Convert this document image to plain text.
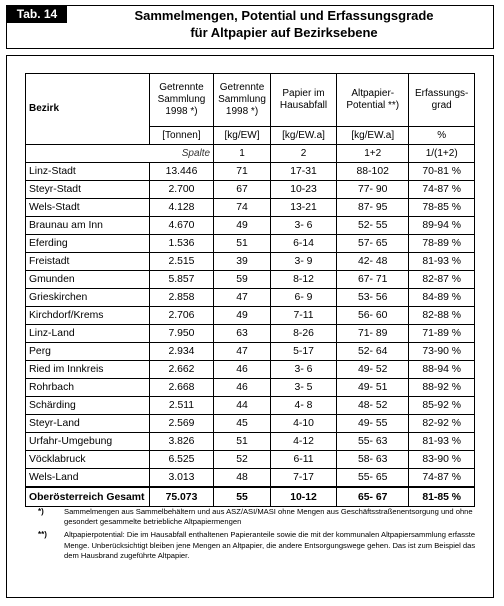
Tab. 14	Sammelmengen, Potential und Erfassungsgrade
für Altpapier auf Bezirksebene
Bezirk	Getrennte Sammlung 1998 *)	Getrennte Sammlung 1998 *)	Papier im Hausabfall	Altpapier-Potential **)	Erfassungs-grad
	[Tonnen]	[kg/EW]	[kg/EW.a]	[kg/EW.a]	%
Spalte		1	2	1+2	1/(1+2)
Linz-Stadt	13.446	71	17-31	88-102	70-81 %
Steyr-Stadt	2.700	67	10-23	77- 90	74-87 %
Wels-Stadt	4.128	74	13-21	87- 95	78-85 %
Braunau am Inn	4.670	49	3- 6	52- 55	89-94 %
Eferding	1.536	51	6-14	57- 65	78-89 %
Freistadt	2.515	39	3- 9	42- 48	81-93 %
Gmunden	5.857	59	8-12	67- 71	82-87 %
Grieskirchen	2.858	47	6- 9	53- 56	84-89 %
Kirchdorf/Krems	2.706	49	7-11	56- 60	82-88 %
Linz-Land	7.950	63	8-26	71- 89	71-89 %
Perg	2.934	47	5-17	52- 64	73-90 %
Ried im Innkreis	2.662	46	3- 6	49- 52	88-94 %
Rohrbach	2.668	46	3- 5	49- 51	88-92 %
Schärding	2.511	44	4- 8	48- 52	85-92 %
Steyr-Land	2.569	45	4-10	49- 55	82-92 %
Urfahr-Umgebung	3.826	51	4-12	55- 63	81-93 %
Vöcklabruck	6.525	52	6-11	58- 63	83-90 %
Wels-Land	3.013	48	7-17	55- 65	74-87 %
Oberösterreich Gesamt	75.073	55	10-12	65- 67	81-85 %
*)	Sammelmengen aus Sammelbehältern und aus ASZ/ASI/MASI ohne Mengen aus Geschäftsstraßenentsorgung und ohne gesondert gesammelte betriebliche Altpapiermengen
**) Altpapierpotential: Die im Hausabfall enthaltenen Papieranteile sowie die mit der kommunalen Altpapiersammlung erfasste Menge. Unberücksichtigt bleiben jene Mengen an Altpapier, die andere Entsorgungswege gehen. Das ist zum Beispiel das dem Hausbrand zugeführte Altpapier.
